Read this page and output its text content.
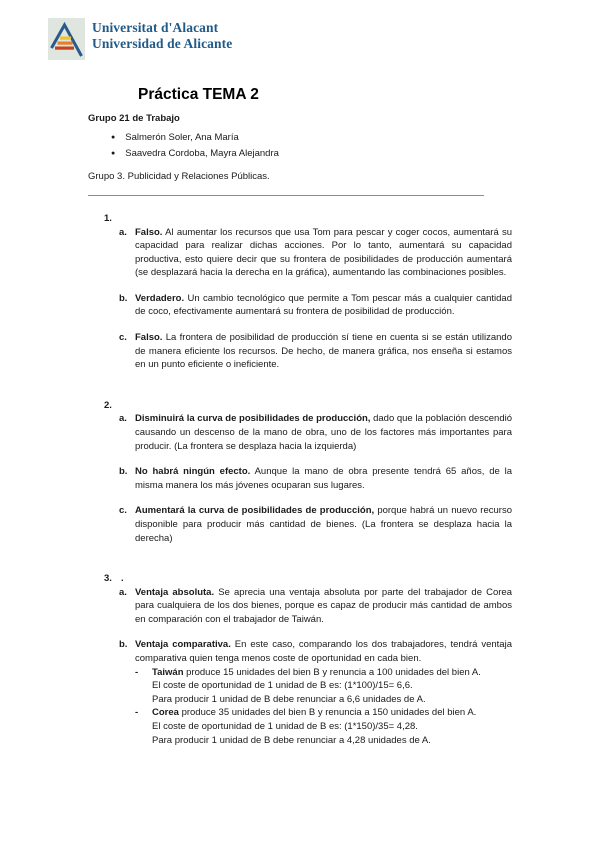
Universitat d'Alacant
Universidad de Alicante
Práctica TEMA 2
Grupo 21 de Trabajo
● Salmerón Soler, Ana María
● Saavedra Cordoba, Mayra Alejandra
Grupo 3. Publicidad y Relaciones Públicas.
1.
a. Falso. Al aumentar los recursos que usa Tom para pescar y coger cocos, aumentará su capacidad para realizar dichas acciones. Por lo tanto, aumentará su capacidad productiva, esto quiere decir que su frontera de posibilidades de producción aumentará (se desplazará hacia la derecha en la gráfica), aumentando las combinaciones posibles.
b. Verdadero. Un cambio tecnológico que permite a Tom pescar más a cualquier cantidad de coco, efectivamente aumentará su frontera de posibilidad de producción.
c. Falso. La frontera de posibilidad de producción sí tiene en cuenta si se están utilizando de manera eficiente los recursos. De hecho, de manera gráfica, nos enseña si estamos en un punto eficiente o ineficiente.
2.
a. Disminuirá la curva de posibilidades de producción, dado que la población descendió causando un descenso de la mano de obra, uno de los factores más importantes para producir. (La frontera se desplaza hacia la izquierda)
b. No habrá ningún efecto. Aunque la mano de obra presente tendrá 65 años, de la misma manera los más jóvenes ocuparan sus lugares.
c. Aumentará la curva de posibilidades de producción, porque habrá un nuevo recurso disponible para producir más cantidad de bienes. (La frontera se desplaza hacia la derecha)
3. .
a. Ventaja absoluta. Se aprecia una ventaja absoluta por parte del trabajador de Corea para cualquiera de los dos bienes, porque es capaz de producir más cantidad de ambos en comparación con el trabajador de Taiwán.
b. Ventaja comparativa. En este caso, comparando los dos trabajadores, tendrá ventaja comparativa quien tenga menos coste de oportunidad en cada bien.
-	Taiwán produce 15 unidades del bien B y renuncia a 100 unidades del bien A.
El coste de oportunidad de 1 unidad de B es: (1*100)/15= 6,6.
Para producir 1 unidad de B debe renunciar a 6,6 unidades de A.
-	Corea produce 35 unidades del bien B y renuncia a 150 unidades del bien A.
El coste de oportunidad de 1 unidad de B es: (1*150)/35= 4,28.
Para producir 1 unidad de B debe renunciar a 4,28 unidades de A.
